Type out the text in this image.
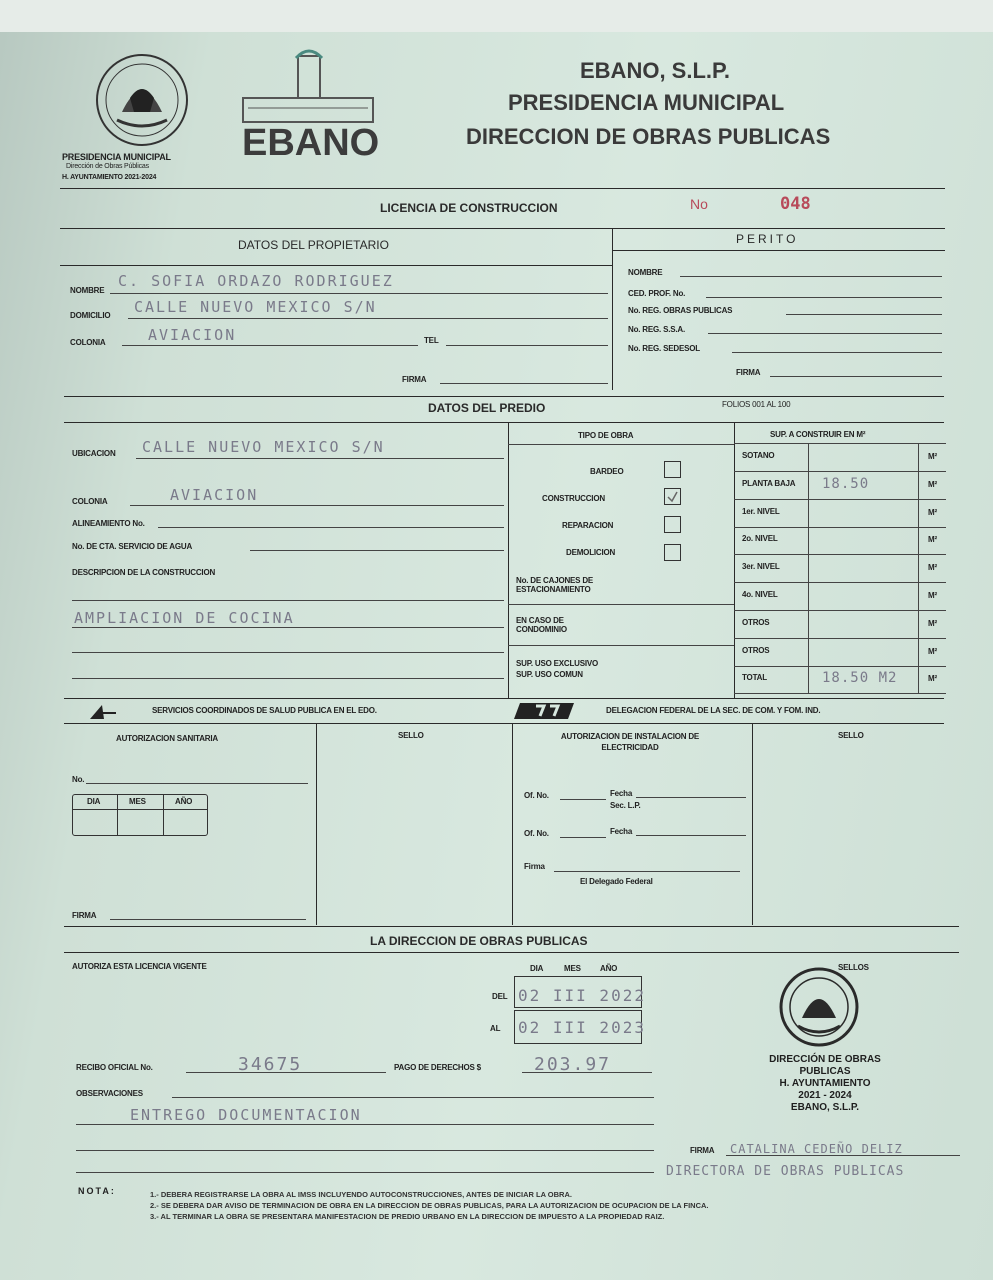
PRESIDENCIA MUNICIPAL
Dirección de Obras Públicas
H. AYUNTAMIENTO 2021-2024
EBANO
EBANO, S.L.P.
PRESIDENCIA MUNICIPAL
DIRECCION DE OBRAS PUBLICAS
LICENCIA DE CONSTRUCCION	No	048
DATOS DEL PROPIETARIO	PERITO
NOMBRE
C. SOFIA ORDAZO RODRIGUEZ
DOMICILIO CALLE NUEVO MEXICO S/N
COLONIA	AVIACION	TEL
FIRMA
NOMBRE
CED. PROF. No.
No. REG. OBRAS PUBLICAS
No. REG. S.S.A.
No. REG. SEDESOL
FIRMA
DATOS DEL PREDIO	FOLIOS 001 AL 100
UBICACION CALLE NUEVO MEXICO S/N
COLONIA	AVIACION
ALINEAMIENTO No.
No. DE CTA. SERVICIO DE AGUA
DESCRIPCION DE LA CONSTRUCCION
AMPLIACION DE COCINA
TIPO DE OBRA
BARDEO
CONSTRUCCION
REPARACION
DEMOLICION
No. DE CAJONES DE ESTACIONAMIENTO
EN CASO DE CONDOMINIO
SUP. USO EXCLUSIVO
SUP. USO COMUN
SUP. A CONSTRUIR EN M²
SOTANO	M²
PLANTA BAJA	18.50	M²
1er. NIVEL	M²
2o. NIVEL	M²
3er. NIVEL	M²
4o. NIVEL	M²
OTROS	M²
OTROS	M²
TOTAL	18.50 M2	M²
SERVICIOS COORDINADOS DE SALUD PUBLICA EN EL EDO.	DELEGACION FEDERAL DE LA SEC. DE COM. Y FOM. IND.
AUTORIZACION SANITARIA	SELLO	AUTORIZACION DE INSTALACION DE ELECTRICIDAD
SELLO
No.
DIA	MES	AÑO
FIRMA
Of. No.	Fecha
Sec. L.P.
Of. No.	Fecha
Firma
El Delegado Federal
LA DIRECCION DE OBRAS PUBLICAS
AUTORIZA ESTA LICENCIA VIGENTE	DIA	MES AÑO
DEL 02 III 2022
AL 02 III 2023
SELLOS
DIRECCIÓN DE OBRAS
PUBLICAS
H. AYUNTAMIENTO
2021 - 2024
EBANO, S.L.P.
RECIBO OFICIAL No.	34675	PAGO DE DERECHOS $	203.97
OBSERVACIONES
ENTREGO DOCUMENTACION
FIRMA CATALINA CEDEÑO DELIZ
DIRECTORA DE OBRAS PUBLICAS
NOTA:	1.- DEBERA REGISTRARSE LA OBRA AL IMSS INCLUYENDO AUTOCONSTRUCCIONES, ANTES DE INICIAR LA OBRA.
2.- SE DEBERA DAR AVISO DE TERMINACION DE OBRA EN LA DIRECCION DE OBRAS PUBLICAS, PARA LA AUTORIZACION DE OCUPACION DE LA FINCA.
3.- AL TERMINAR LA OBRA SE PRESENTARA MANIFESTACION DE PREDIO URBANO EN LA DIRECCION DE IMPUESTO A LA PROPIEDAD RAIZ.
